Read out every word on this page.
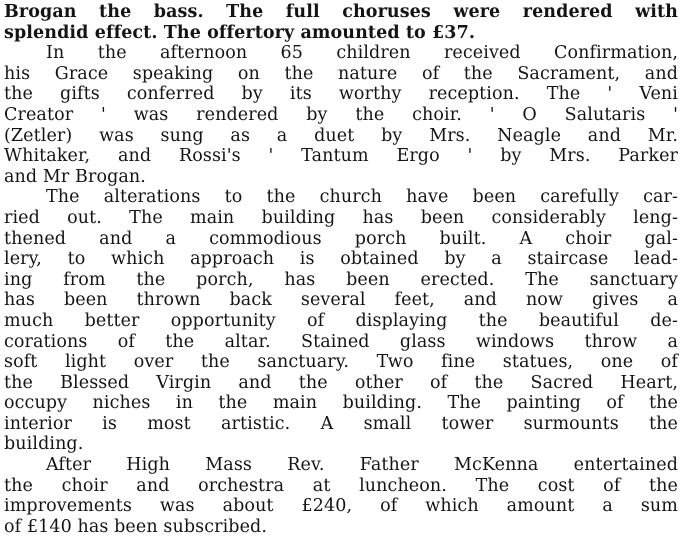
Brogan the bass. The full choruses were rendered with
splendid effect. The offertory amounted to £37.
In the afternoon 65 children received Confirmation,
his Grace speaking on the nature of the Sacrament, and
the gifts conferred by its worthy reception. The ' Veni
Creator ' was rendered by the choir. ' O Salutaris '
(Zetler) was sung as a duet by Mrs. Neagle and Mr.
Whitaker, and Rossi's ' Tantum Ergo ' by Mrs. Parker
and Mr Brogan.
The alterations to the church have been carefully car-
ried out. The main building has been considerably leng-
thened and a commodious porch built. A choir gal-
lery, to which approach is obtained by a staircase lead-
ing from the porch, has been erected. The sanctuary
has been thrown back several feet, and now gives a
much better opportunity of displaying the beautiful de-
corations of the altar. Stained glass windows throw a
soft light over the sanctuary. Two fine statues, one of
the Blessed Virgin and the other of the Sacred Heart,
occupy niches in the main building. The painting of the
interior is most artistic. A small tower surmounts the
building.
After High Mass Rev. Father McKenna entertained
the choir and orchestra at luncheon. The cost of the
improvements was about £240, of which amount a sum
of £140 has been subscribed.
